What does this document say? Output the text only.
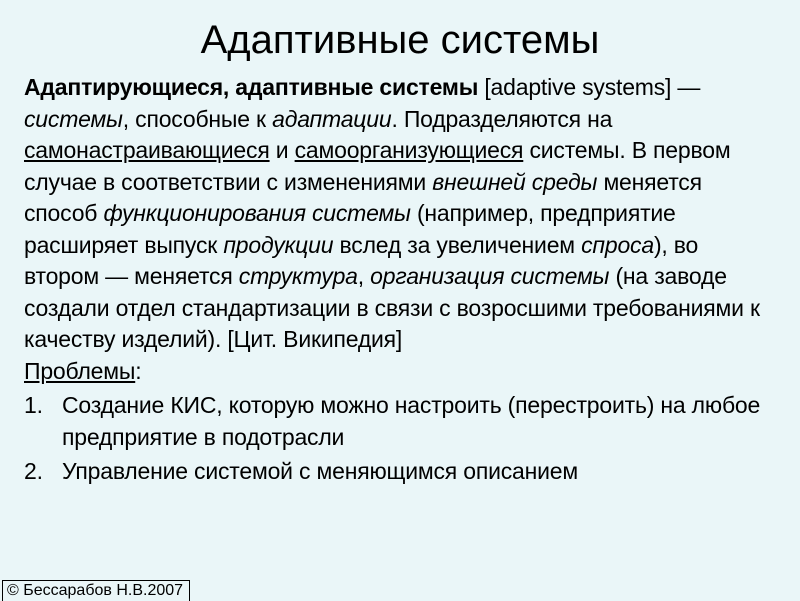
Адаптивные системы

Адаптирующиеся, адаптивные системы [adaptive systems] — системы, способные к адаптации. Подразделяются на самонастраивающиеся и самоорганизующиеся системы. В первом случае в соответствии с изменениями внешней среды меняется способ функционирования системы (например, предприятие расширяет выпуск продукции вслед за увеличением спроса), во втором — меняется структура, организация системы (на заводе создали отдел стандартизации в связи с возросшими требованиями к качеству изделий). [Цит. Википедия]

Проблемы:

1. Создание КИС, которую можно настроить (перестроить) на любое предприятие в подотрасли
2. Управление системой с меняющимся описанием
© Бессарабов Н.В.2007
